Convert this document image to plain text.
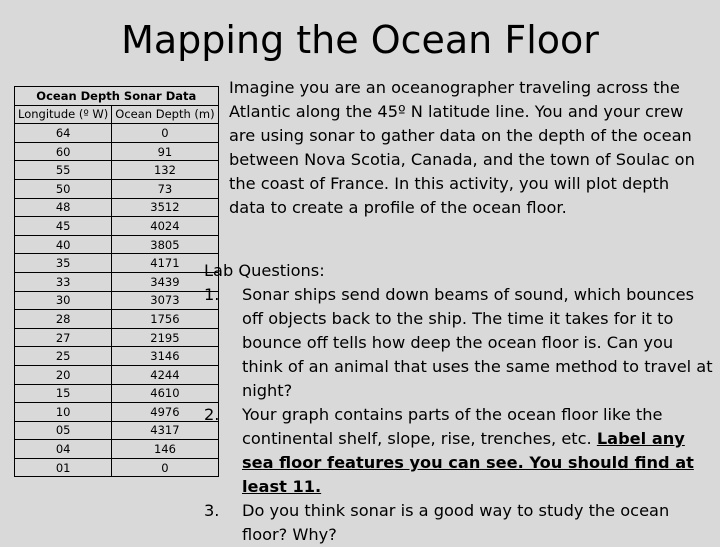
Mapping the Ocean Floor
Ocean Depth Sonar Data	
Longitude (º W)	Ocean Depth (m)
64	0
60	91
55	132
50	73
48	3512
45	4024
40	3805
35	4171
33	3439
30	3073
28	1756
27	2195
25	3146
20	4244
15	4610
10	4976
05	4317
04	146
01	0
Imagine you are an oceanographer traveling across the Atlantic along the 45º N latitude line. You and your crew are using sonar to gather data on the depth of the ocean between Nova Scotia, Canada, and the town of Soulac on the coast of France. In this activity, you will plot depth data to create a profile of the ocean floor.
Lab Questions:
1.	Sonar ships send down beams of sound, which bounces off objects back to the ship. The time it takes for it to bounce off tells how deep the ocean floor is. Can you think of an animal that uses the same method to travel at night?
2.	Your graph contains parts of the ocean floor like the continental shelf, slope, rise, trenches, etc. Label any sea floor features you can see. You should find at least 11.
3.	Do you think sonar is a good way to study the ocean floor? Why?
